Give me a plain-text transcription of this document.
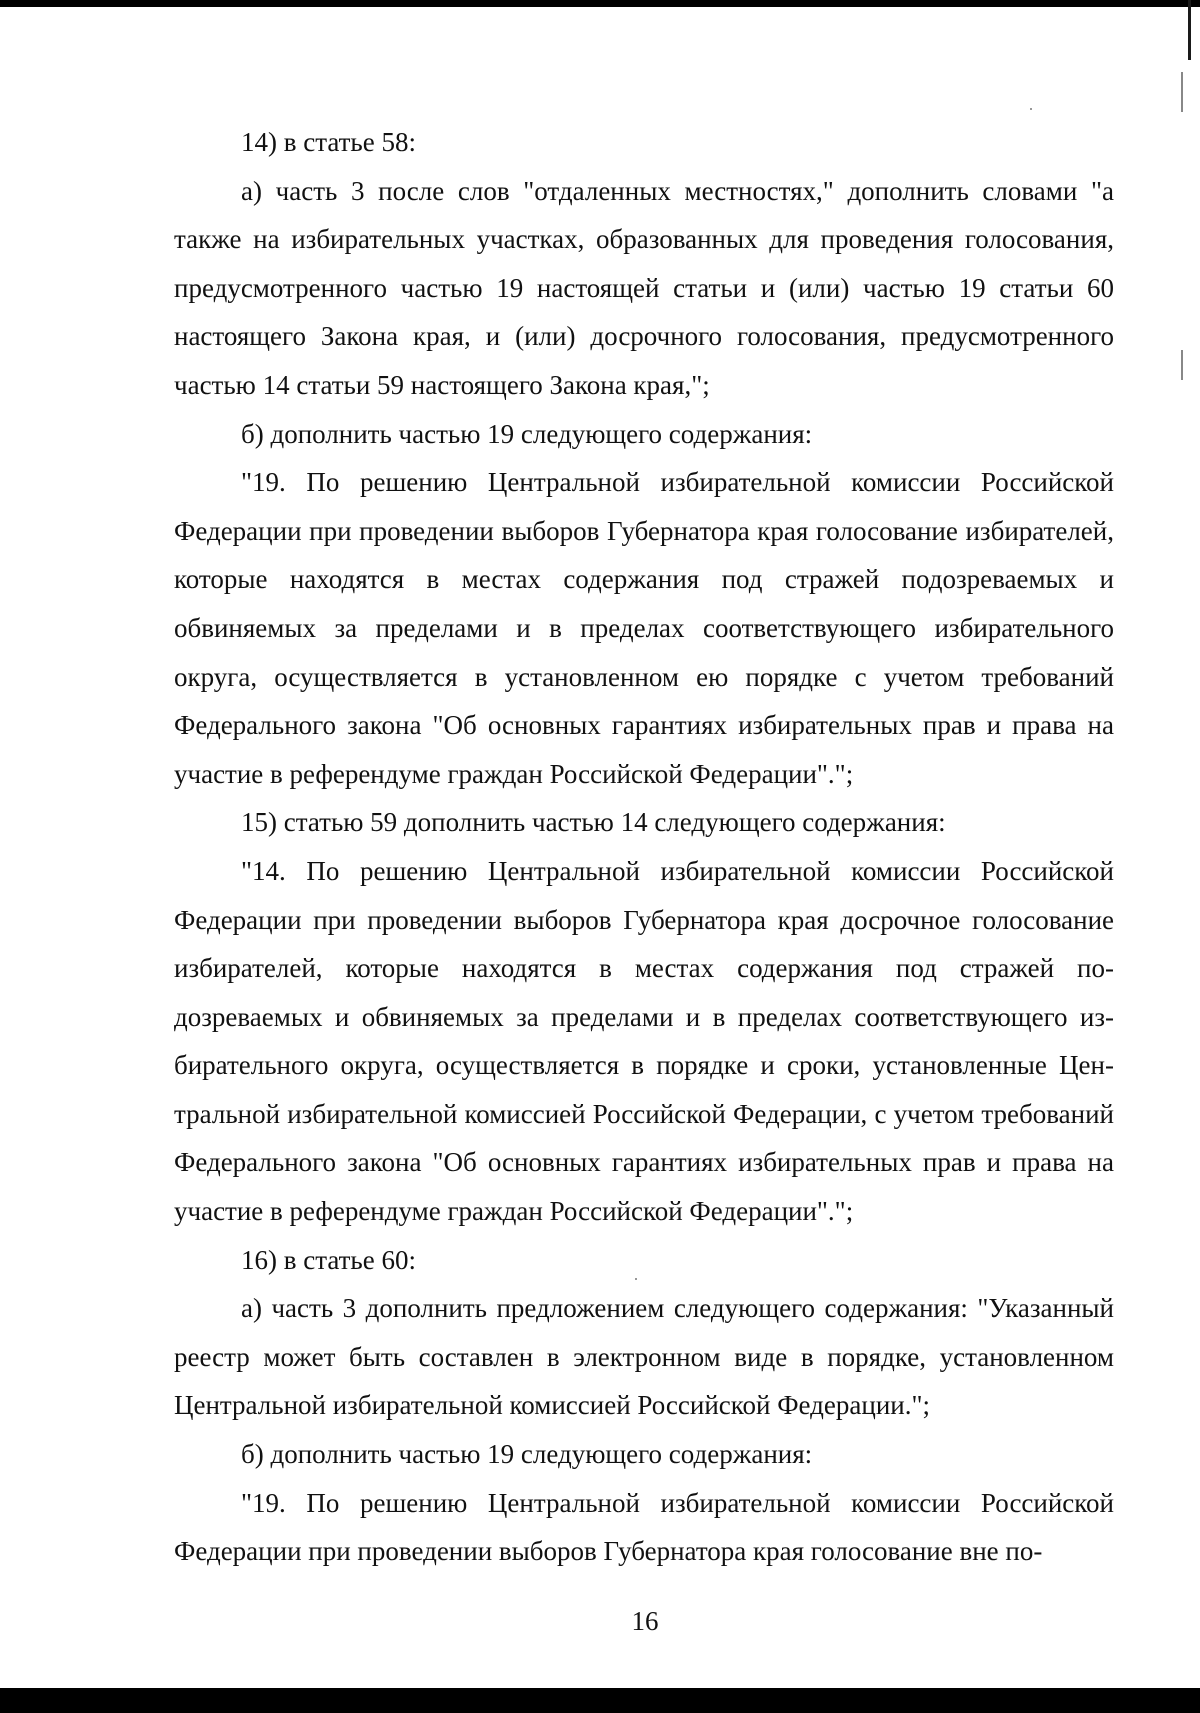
14) в статье 58:

а) часть 3 после слов "отдаленных местностях," дополнить словами "а также на избирательных участках, образованных для проведения голосования, предусмотренного частью 19 настоящей статьи и (или) частью 19 статьи 60 настоящего Закона края, и (или) досрочного голосования, предусмотренного частью 14 статьи 59 настоящего Закона края,";

б) дополнить частью 19 следующего содержания:

"19. По решению Центральной избирательной комиссии Российской Федерации при проведении выборов Губернатора края голосование избирателей, которые находятся в местах содержания под стражей подозреваемых и обвиняемых за пределами и в пределах соответствующего избирательного округа, осуществляется в установленном ею порядке с учетом требований Федерального закона "Об основных гарантиях избирательных прав и права на участие в референдуме граждан Российской Федерации".";

15) статью 59 дополнить частью 14 следующего содержания:

"14. По решению Центральной избирательной комиссии Российской Федерации при проведении выборов Губернатора края досрочное голосование избирателей, которые находятся в местах содержания под стражей подозреваемых и обвиняемых за пределами и в пределах соответствующего избирательного округа, осуществляется в порядке и сроки, установленные Центральной избирательной комиссией Российской Федерации, с учетом требований Федерального закона "Об основных гарантиях избирательных прав и права на участие в референдуме граждан Российской Федерации".";

16) в статье 60:

а) часть 3 дополнить предложением следующего содержания: "Указанный реестр может быть составлен в электронном виде в порядке, установленном Центральной избирательной комиссией Российской Федерации.";

б) дополнить частью 19 следующего содержания:

"19. По решению Центральной избирательной комиссии Российской Федерации при проведении выборов Губернатора края голосование вне по-

16
